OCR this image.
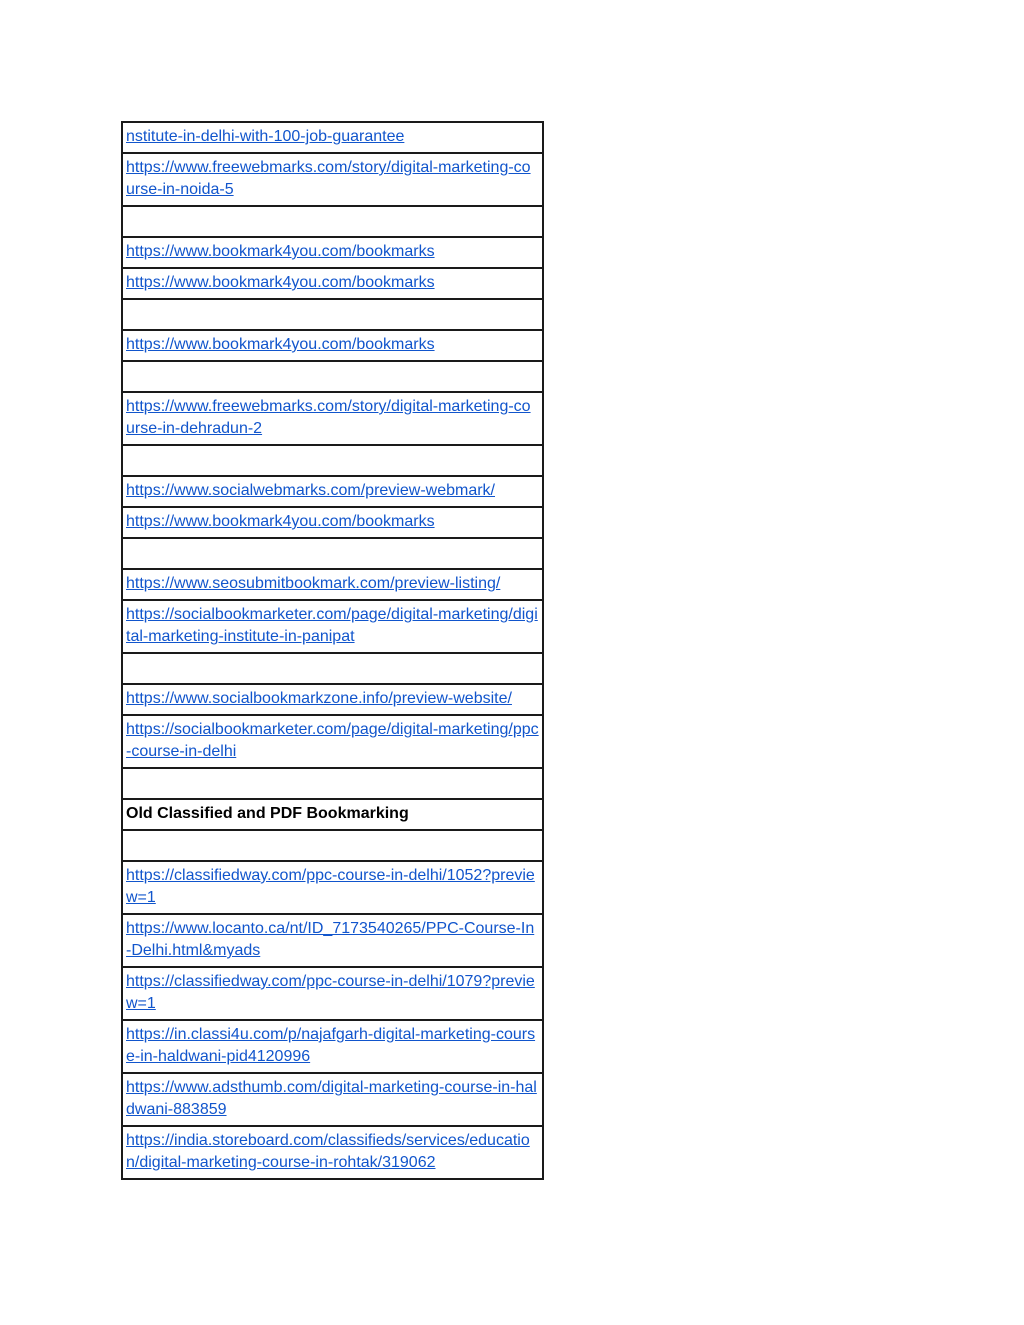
nstitute-in-delhi-with-100-job-guarantee
https://www.freewebmarks.com/story/digital-marketing-course-in-noida-5

https://www.bookmark4you.com/bookmarks
https://www.bookmark4you.com/bookmarks

https://www.bookmark4you.com/bookmarks

https://www.freewebmarks.com/story/digital-marketing-course-in-dehradun-2

https://www.socialwebmarks.com/preview-webmark/
https://www.bookmark4you.com/bookmarks

https://www.seosubmitbookmark.com/preview-listing/
https://socialbookmarketer.com/page/digital-marketing/digital-marketing-institute-in-panipat

https://www.socialbookmarkzone.info/preview-website/
https://socialbookmarketer.com/page/digital-marketing/ppc-course-in-delhi

Old Classified and PDF Bookmarking

https://classifiedway.com/ppc-course-in-delhi/1052?preview=1
https://www.locanto.ca/nt/ID_7173540265/PPC-Course-In-Delhi.html&myads
https://classifiedway.com/ppc-course-in-delhi/1079?preview=1
https://in.classi4u.com/p/najafgarh-digital-marketing-course-in-haldwani-pid4120996
https://www.adsthumb.com/digital-marketing-course-in-haldwani-883859
https://india.storeboard.com/classifieds/services/education/digital-marketing-course-in-rohtak/319062
